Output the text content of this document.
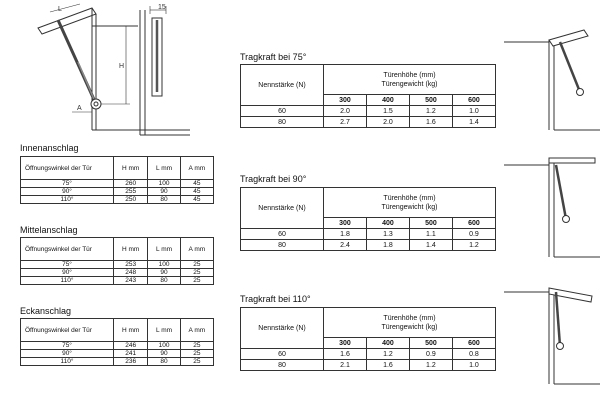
L
H
A
15
Innenanschlag
Öffnungswinkel der Tür	H mm	L mm	A mm
75°	260	100	45
90°	255	90	45
110°	250	80	45
Mittelanschlag
Öffnungswinkel der Tür	H mm	L mm	A mm
75°	253	100	25
90°	248	90	25
110°	243	80	25
Eckanschlag
Öffnungswinkel der Tür	H mm	L mm	A mm
75°	246	100	25
90°	241	90	25
110°	236	80	25
Tragkraft bei 75°
Nennstärke (N)	Türenhöhe (mm)
Türengewicht (kg)			
	300	400	500	600
60	2.0	1.5	1.2	1.0
80	2.7	2.0	1.6	1.4
Tragkraft bei 90°
Nennstärke (N)	Türenhöhe (mm)
Türengewicht (kg)			
	300	400	500	600
60	1.8	1.3	1.1	0.9
80	2.4	1.8	1.4	1.2
Tragkraft bei 110°
Nennstärke (N)	Türenhöhe (mm)
Türengewicht (kg)			
	300	400	500	600
60	1.6	1.2	0.9	0.8
80	2.1	1.6	1.2	1.0
